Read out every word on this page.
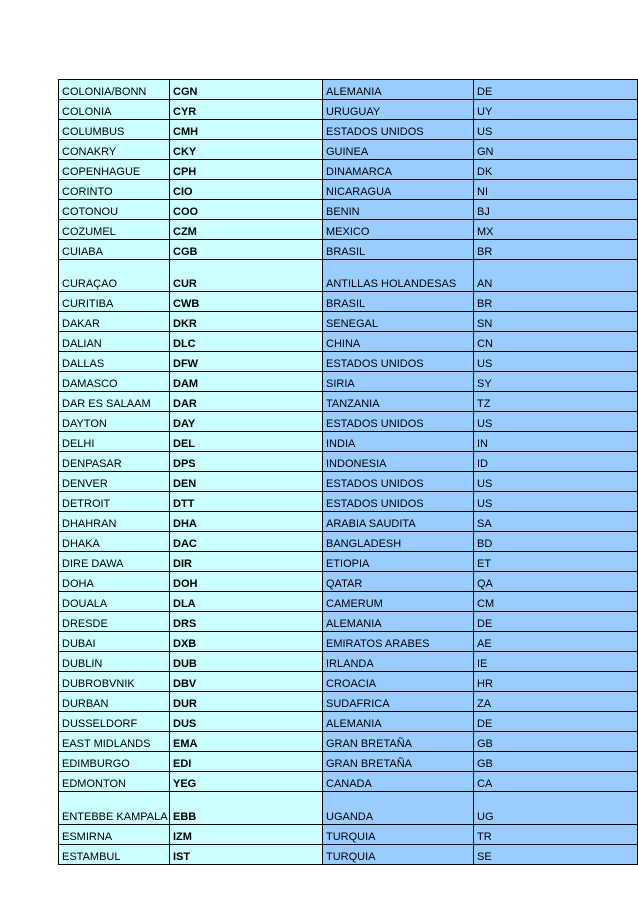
COLONIA/BONN	CGN	ALEMANIA	DE
COLONIA	CYR	URUGUAY	UY
COLUMBUS	CMH	ESTADOS UNIDOS	US
CONAKRY	CKY	GUINEA	GN
COPENHAGUE	CPH	DINAMARCA	DK
CORINTO	CIO	NICARAGUA	NI
COTONOU	COO	BENIN	BJ
COZUMEL	CZM	MEXICO	MX
CUIABA	CGB	BRASIL	BR
CURAÇAO	CUR	ANTILLAS HOLANDESAS	AN
CURITIBA	CWB	BRASIL	BR
DAKAR	DKR	SENEGAL	SN
DALIAN	DLC	CHINA	CN
DALLAS	DFW	ESTADOS UNIDOS	US
DAMASCO	DAM	SIRIA	SY
DAR ES SALAAM	DAR	TANZANIA	TZ
DAYTON	DAY	ESTADOS UNIDOS	US
DELHI	DEL	INDIA	IN
DENPASAR	DPS	INDONESIA	ID
DENVER	DEN	ESTADOS UNIDOS	US
DETROIT	DTT	ESTADOS UNIDOS	US
DHAHRAN	DHA	ARABIA SAUDITA	SA
DHAKA	DAC	BANGLADESH	BD
DIRE DAWA	DIR	ETIOPIA	ET
DOHA	DOH	QATAR	QA
DOUALA	DLA	CAMERUM	CM
DRESDE	DRS	ALEMANIA	DE
DUBAI	DXB	EMIRATOS ARABES	AE
DUBLIN	DUB	IRLANDA	IE
DUBROBVNIK	DBV	CROACIA	HR
DURBAN	DUR	SUDAFRICA	ZA
DUSSELDORF	DUS	ALEMANIA	DE
EAST MIDLANDS	EMA	GRAN BRETAÑA	GB
EDIMBURGO	EDI	GRAN BRETAÑA	GB
EDMONTON	YEG	CANADA	CA
ENTEBBE KAMPALA	EBB	UGANDA	UG
ESMIRNA	IZM	TURQUIA	TR
ESTAMBUL	IST	TURQUIA	SE
